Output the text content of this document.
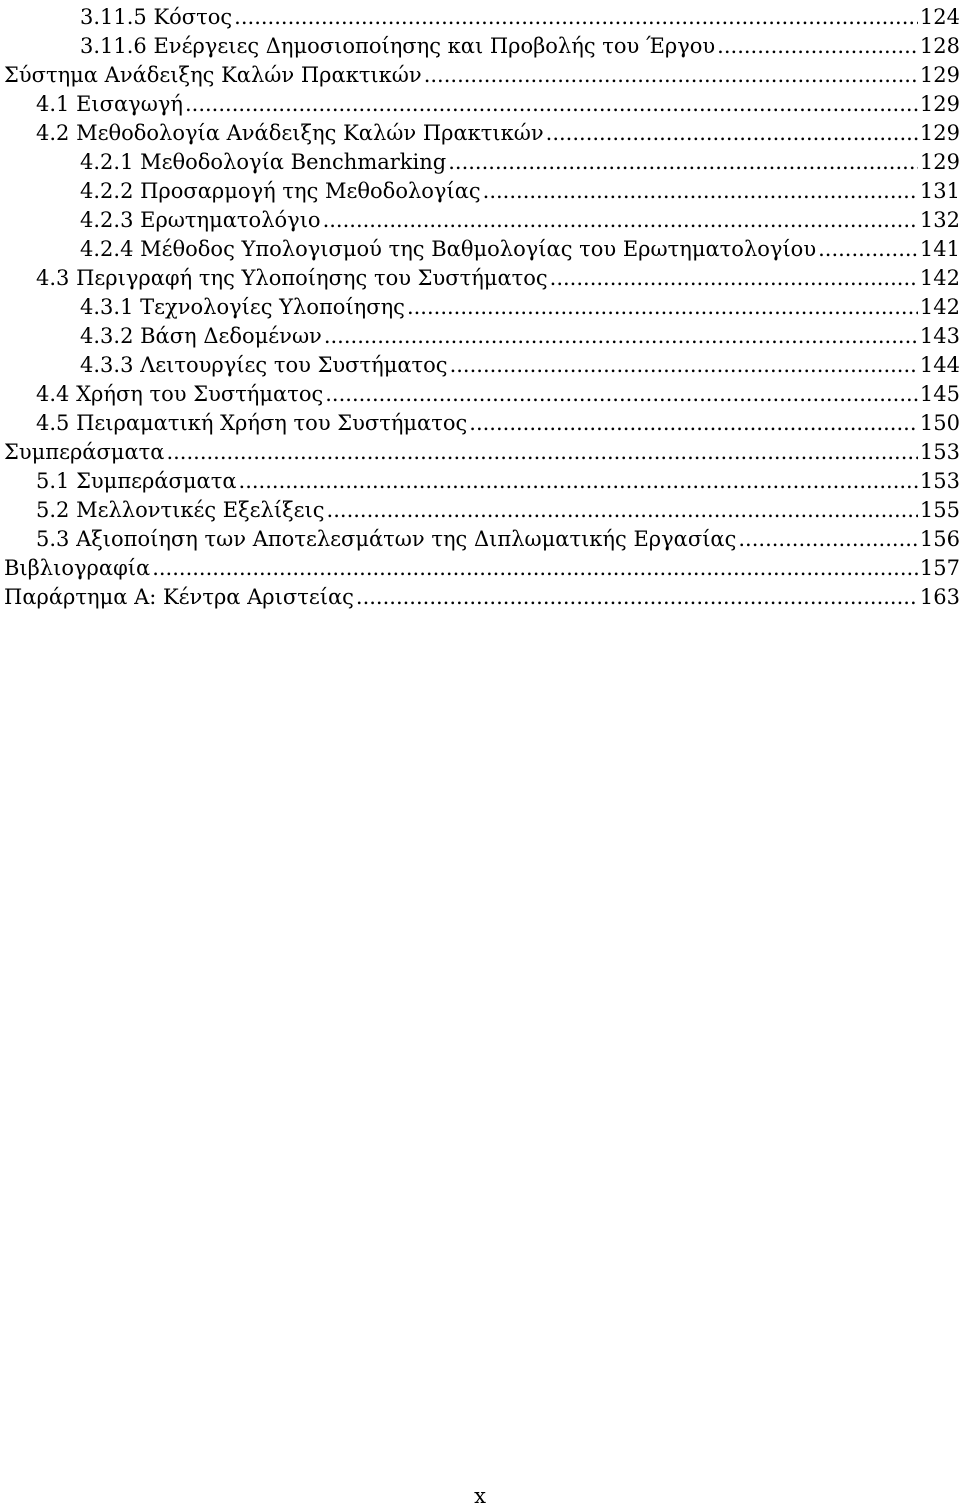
3.11.5 Κόστος .....	124
3.11.6 Ενέργειες Δημοσιοποίησης και Προβολής του Έργου .....	128
Σύστημα Ανάδειξης Καλών Πρακτικών .....	129
4.1 Εισαγωγή .....	129
4.2 Μεθοδολογία Ανάδειξης Καλών Πρακτικών .....	129
4.2.1 Μεθοδολογία Benchmarking .....	129
4.2.2 Προσαρμογή της Μεθοδολογίας .....	131
4.2.3 Ερωτηματολόγιο .....	132
4.2.4 Μέθοδος Υπολογισμού της Βαθμολογίας του Ερωτηματολογίου .....	141
4.3 Περιγραφή της Υλοποίησης του Συστήματος .....	142
4.3.1 Τεχνολογίες Υλοποίησης .....	142
4.3.2 Βάση Δεδομένων .....	143
4.3.3 Λειτουργίες του Συστήματος .....	144
4.4 Χρήση του Συστήματος .....	145
4.5 Πειραματική Χρήση του Συστήματος .....	150
Συμπεράσματα .....	153
5.1 Συμπεράσματα .....	153
5.2 Μελλοντικές Εξελίξεις .....	155
5.3 Αξιοποίηση των Αποτελεσμάτων της Διπλωματικής Εργασίας .....	156
Βιβλιογραφία .....	157
Παράρτημα Α: Κέντρα Αριστείας .....	163
x
